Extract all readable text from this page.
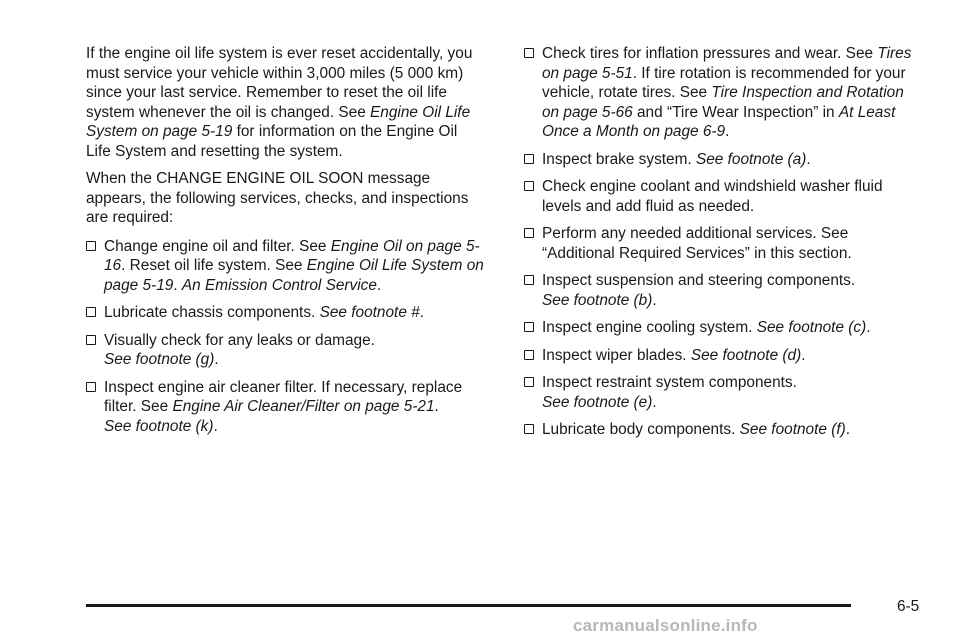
If the engine oil life system is ever reset accidentally, you must service your vehicle within 3,000 miles (5 000 km) since your last service. Remember to reset the oil life system whenever the oil is changed. See Engine Oil Life System on page 5-19 for information on the Engine Oil Life System and resetting the system.

When the CHANGE ENGINE OIL SOON message appears, the following services, checks, and inspections are required:

Change engine oil and filter. See Engine Oil on page 5-16. Reset oil life system. See Engine Oil Life System on page 5-19. An Emission Control Service.
Lubricate chassis components. See footnote #.
Visually check for any leaks or damage.
See footnote (g).
Inspect engine air cleaner filter. If necessary, replace filter. See Engine Air Cleaner/Filter on page 5-21.
See footnote (k).
Check tires for inflation pressures and wear. See Tires on page 5-51. If tire rotation is recommended for your vehicle, rotate tires. See Tire Inspection and Rotation on page 5-66 and “Tire Wear Inspection” in At Least Once a Month on page 6-9.
Inspect brake system. See footnote (a).
Check engine coolant and windshield washer fluid levels and add fluid as needed.
Perform any needed additional services. See “Additional Required Services” in this section.
Inspect suspension and steering components.
See footnote (b).
Inspect engine cooling system. See footnote (c).
Inspect wiper blades. See footnote (d).
Inspect restraint system components.
See footnote (e).
Lubricate body components. See footnote (f).
6-5
carmanualsonline.info
